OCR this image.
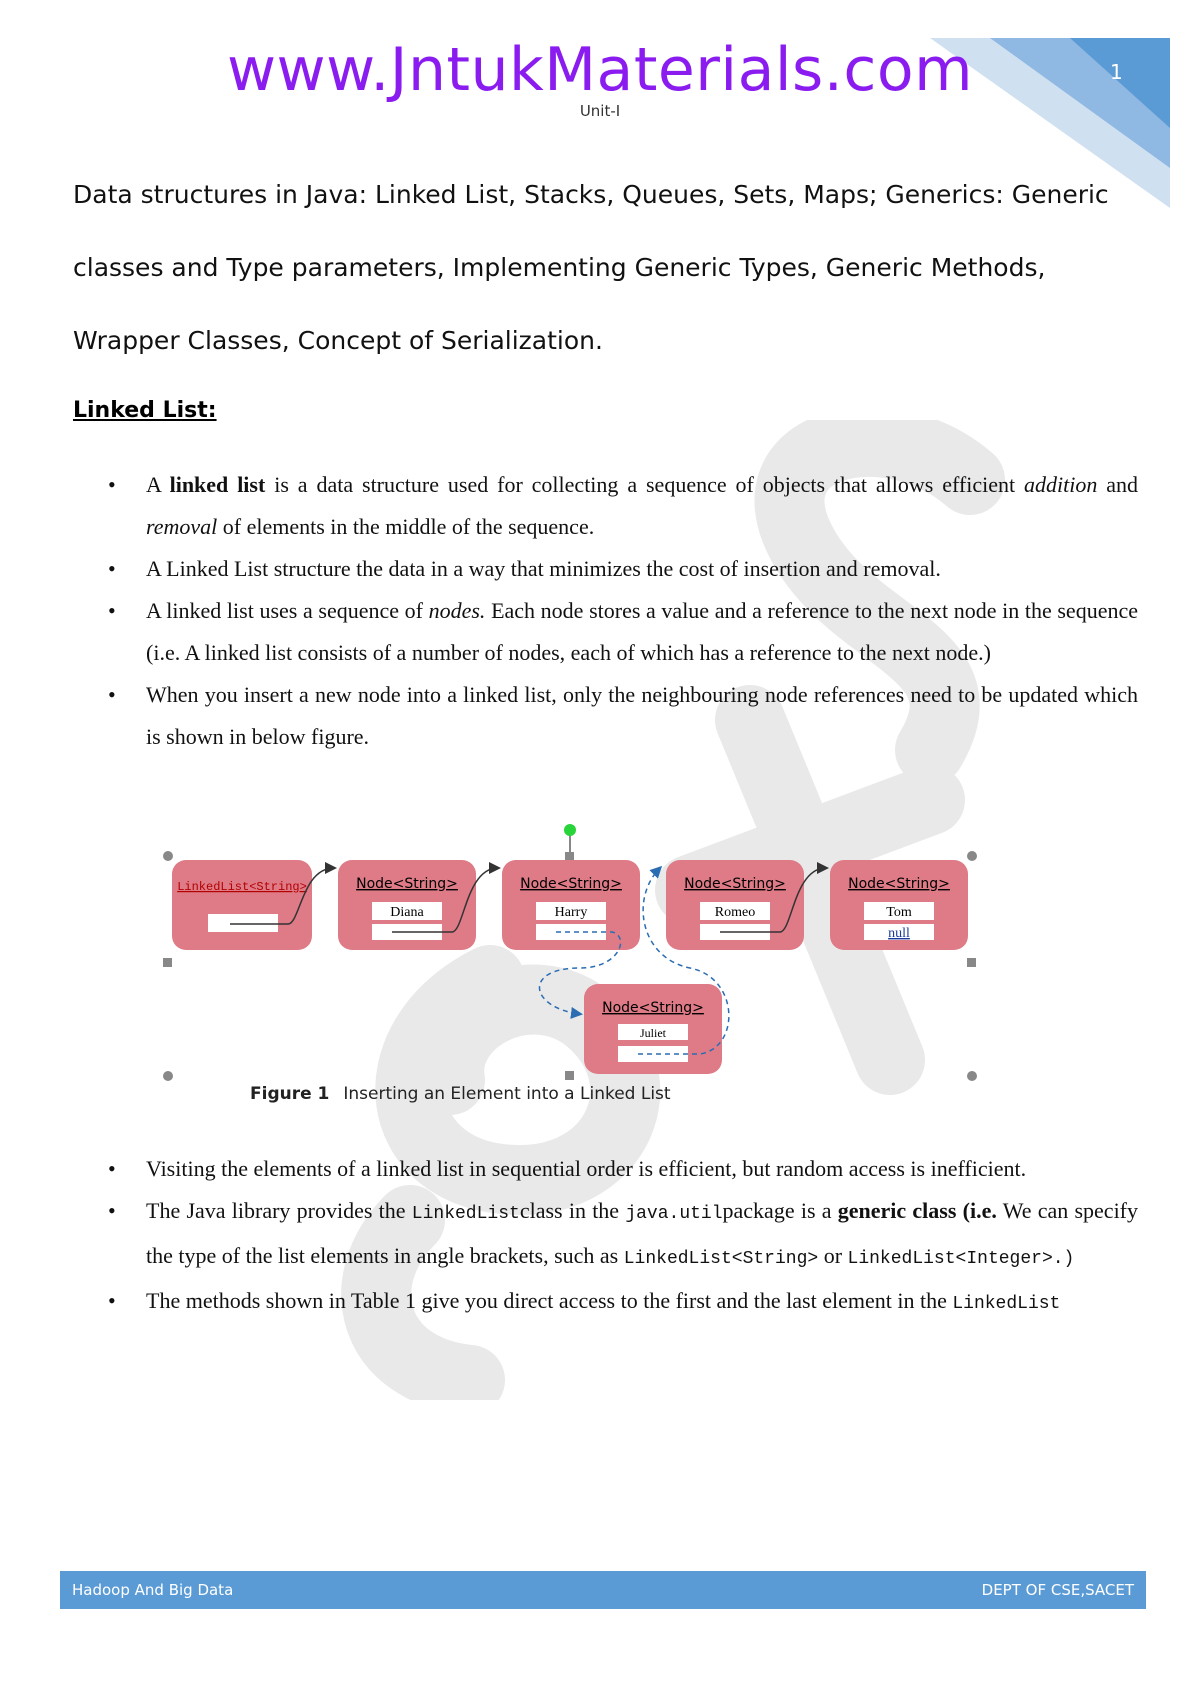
www.JntukMaterials.com
Unit-I
1
Data structures in Java: Linked List, Stacks, Queues, Sets, Maps; Generics: Generic
classes and Type parameters, Implementing Generic Types, Generic Methods,
Wrapper Classes, Concept of Serialization.
Linked List:
• A linked list is a data structure used for collecting a sequence of objects that allows efficient addition and removal of elements in the middle of the sequence.
• A Linked List structure the data in a way that minimizes the cost of insertion and removal.
• A linked list uses a sequence of nodes. Each node stores a value and a reference to the next node in the sequence (i.e. A linked list consists of a number of nodes, each of which has a reference to the next node.)
• When you insert a new node into a linked list, only the neighbouring node references need to be updated which is shown in below figure.
LinkedList<String>	Node<String>
Diana
Node<String>
Harry
Node<String>
Romeo
Node<String>
Tom
null
Node<String>
Juliet
Figure 1 Inserting an Element into a Linked List
• Visiting the elements of a linked list in sequential order is efficient, but random access is inefficient.
• The Java library provides the LinkedListclass in the java.utilpackage is a generic class (i.e. We can specify the type of the list elements in angle brackets, such as LinkedList<String> or LinkedList<Integer>.)
• The methods shown in Table 1 give you direct access to the first and the last element in the LinkedList
Hadoop And Big Data	DEPT OF CSE,SACET
